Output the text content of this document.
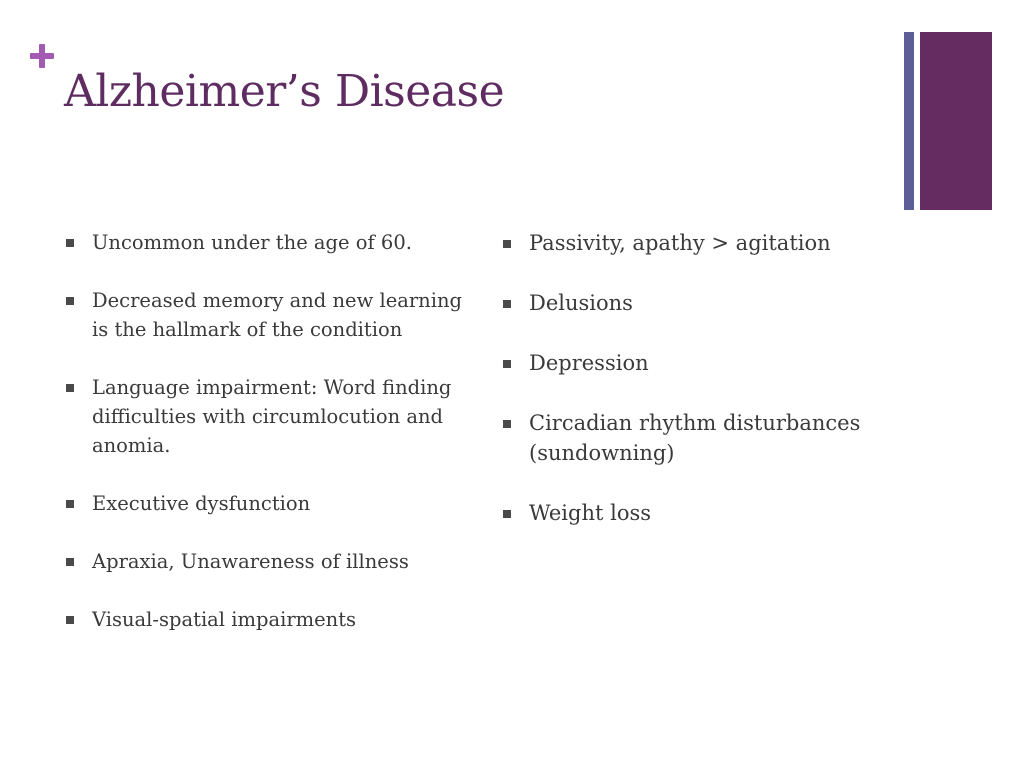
Alzheimer’s Disease
Uncommon under the age of 60.
Decreased memory and new learning is the hallmark of the condition
Language impairment: Word finding difficulties with circumlocution and anomia.
Executive dysfunction
Apraxia, Unawareness of illness
Visual-spatial impairments
Passivity, apathy > agitation
Delusions
Depression
Circadian rhythm disturbances (sundowning)
Weight loss
